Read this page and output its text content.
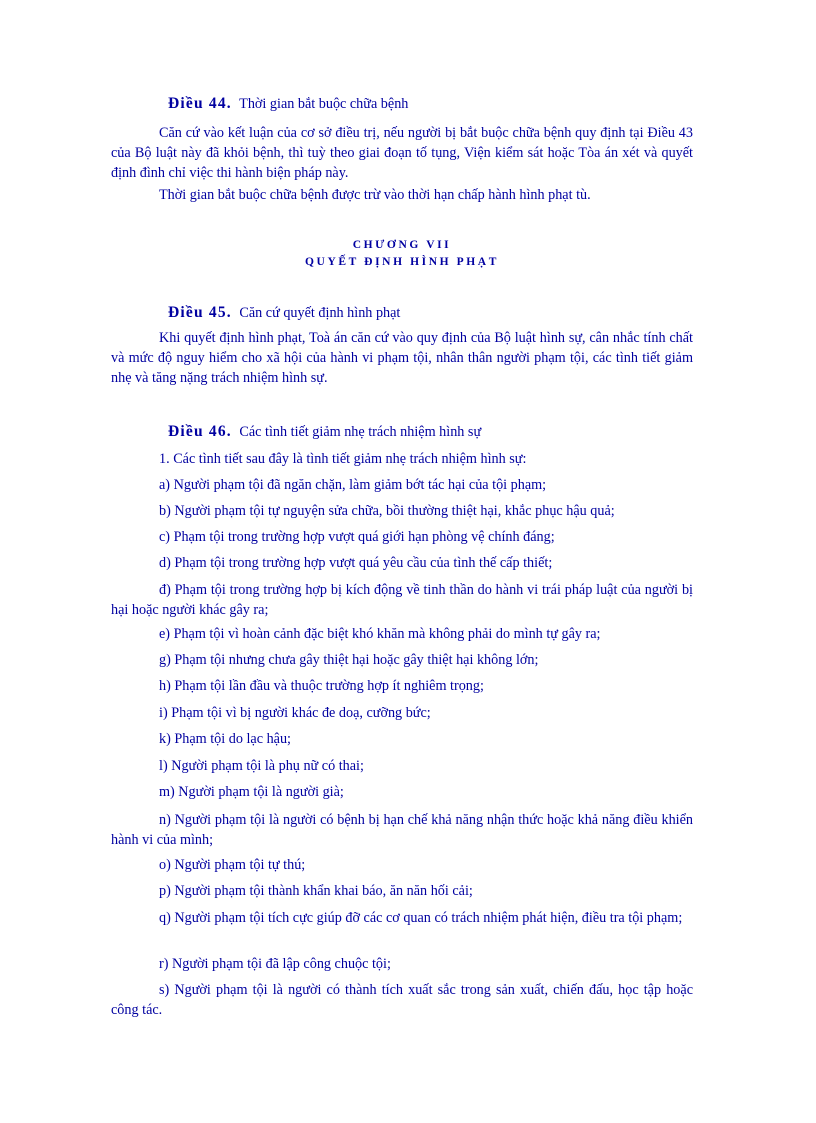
Điều 44. Thời gian bắt buộc chữa bệnh

Căn cứ vào kết luận của cơ sở điều trị, nếu người bị bắt buộc chữa bệnh quy định tại Điều 43 của Bộ luật này đã khỏi bệnh, thì tuỳ theo giai đoạn tố tụng, Viện kiểm sát hoặc Tòa án xét và quyết định đình chỉ việc thi hành biện pháp này.

Thời gian bắt buộc chữa bệnh được trừ vào thời hạn chấp hành hình phạt tù.

CHƯƠNG VII

QUYẾT ĐỊNH HÌNH PHẠT

Điều 45. Căn cứ quyết định hình phạt

Khi quyết định hình phạt, Toà án căn cứ vào quy định của Bộ luật hình sự, cân nhắc tính chất và mức độ nguy hiểm cho xã hội của hành vi phạm tội, nhân thân người phạm tội, các tình tiết giảm nhẹ và tăng nặng trách nhiệm hình sự.

Điều 46. Các tình tiết giảm nhẹ trách nhiệm hình sự

1. Các tình tiết sau đây là tình tiết giảm nhẹ trách nhiệm hình sự:

a) Người phạm tội đã ngăn chặn, làm giảm bớt tác hại của tội phạm;

b) Người phạm tội tự nguyện sửa chữa, bồi thường thiệt hại, khắc phục hậu quả;

c) Phạm tội trong trường hợp vượt quá giới hạn phòng vệ chính đáng;

d) Phạm tội trong trường hợp vượt quá yêu cầu của tình thế cấp thiết;

đ) Phạm tội trong trường hợp bị kích động về tinh thần do hành vi trái pháp luật của người bị hại hoặc người khác gây ra;

e) Phạm tội vì hoàn cảnh đặc biệt khó khăn mà không phải do mình tự gây ra;

g) Phạm tội nhưng chưa gây thiệt hại hoặc gây thiệt hại không lớn;

h) Phạm tội lần đầu và thuộc trường hợp ít nghiêm trọng;

i) Phạm tội vì bị người khác đe doạ, cưỡng bức;

k) Phạm tội do lạc hậu;

l) Người phạm tội là phụ nữ có thai;

m) Người phạm tội là người già;

n) Người phạm tội là người có bệnh bị hạn chế khả năng nhận thức hoặc khả năng điều khiển hành vi của mình;

o) Người phạm tội tự thú;

p) Người phạm tội thành khẩn khai báo, ăn năn hối cải;

q) Người phạm tội tích cực giúp đỡ các cơ quan có trách nhiệm phát hiện, điều tra tội phạm;

r) Người phạm tội đã lập công chuộc tội;

s) Người phạm tội là người có thành tích xuất sắc trong sản xuất, chiến đấu, học tập hoặc công tác.
